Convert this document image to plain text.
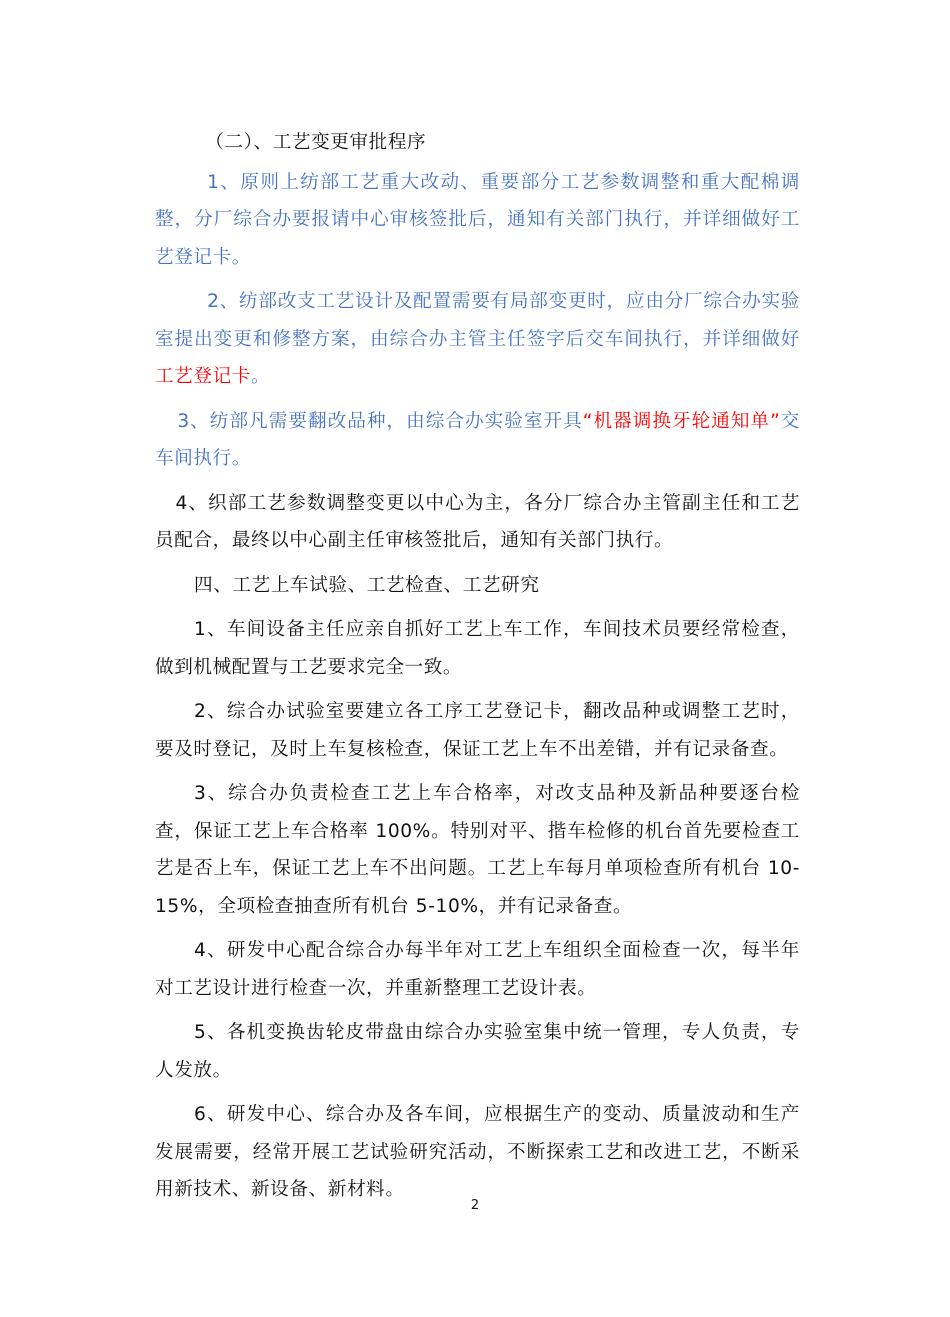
（二）、工艺变更审批程序

1、原则上纺部工艺重大改动、重要部分工艺参数调整和重大配棉调整，分厂综合办要报请中心审核签批后，通知有关部门执行，并详细做好工艺登记卡。

2、纺部改支工艺设计及配置需要有局部变更时，应由分厂综合办实验室提出变更和修整方案，由综合办主管主任签字后交车间执行，并详细做好工艺登记卡。

3、纺部凡需要翻改品种，由综合办实验室开具“机器调换牙轮通知单”交车间执行。

4、织部工艺参数调整变更以中心为主，各分厂综合办主管副主任和工艺员配合，最终以中心副主任审核签批后，通知有关部门执行。

四、工艺上车试验、工艺检查、工艺研究

1、车间设备主任应亲自抓好工艺上车工作，车间技术员要经常检查，做到机械配置与工艺要求完全一致。

2、综合办试验室要建立各工序工艺登记卡，翻改品种或调整工艺时，要及时登记，及时上车复核检查，保证工艺上车不出差错，并有记录备查。

3、综合办负责检查工艺上车合格率，对改支品种及新品种要逐台检查，保证工艺上车合格率 100%。特别对平、揩车检修的机台首先要检查工艺是否上车，保证工艺上车不出问题。工艺上车每月单项检查所有机台 10-15%，全项检查抽查所有机台 5-10%，并有记录备查。

4、研发中心配合综合办每半年对工艺上车组织全面检查一次，每半年对工艺设计进行检查一次，并重新整理工艺设计表。

5、各机变换齿轮皮带盘由综合办实验室集中统一管理，专人负责，专人发放。

6、研发中心、综合办及各车间，应根据生产的变动、质量波动和生产发展需要，经常开展工艺试验研究活动，不断探索工艺和改进工艺，不断采用新技术、新设备、新材料。

2
